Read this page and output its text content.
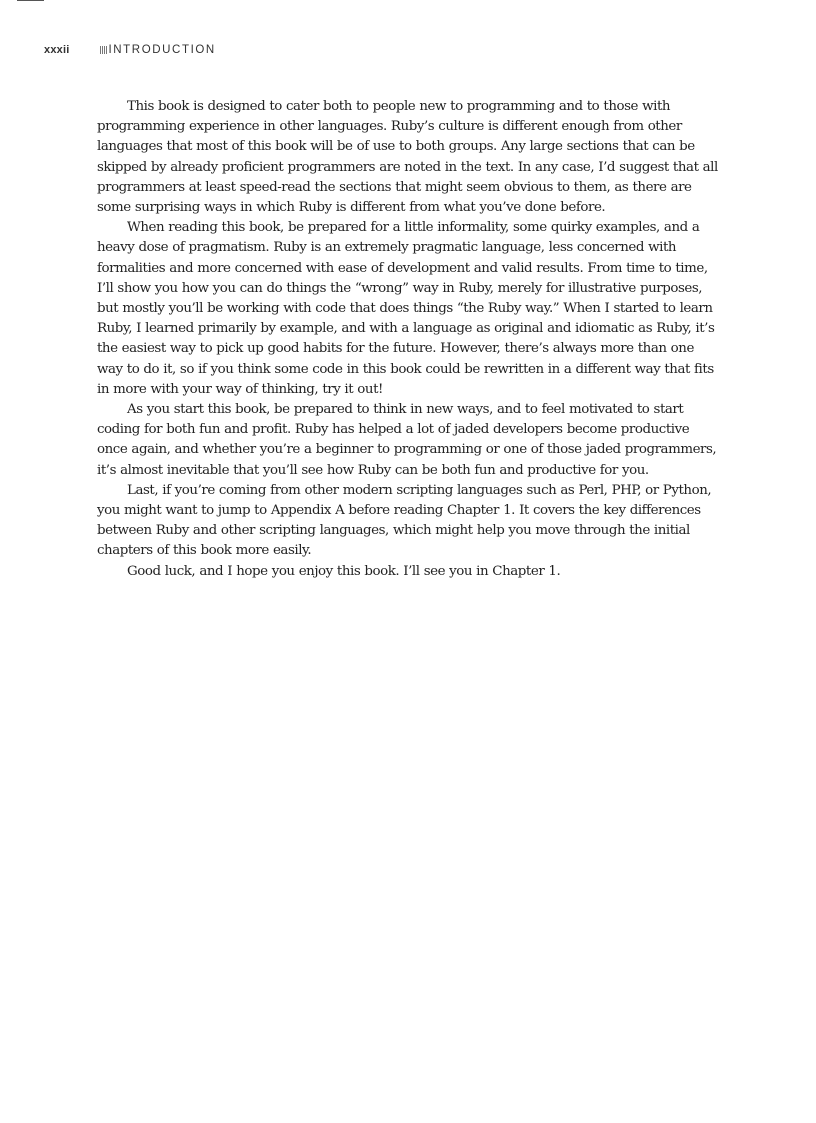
xxxii	INTRODUCTION

This book is designed to cater both to people new to programming and to those with programming experience in other languages. Ruby’s culture is different enough from other languages that most of this book will be of use to both groups. Any large sections that can be skipped by already proficient programmers are noted in the text. In any case, I’d suggest that all programmers at least speed-read the sections that might seem obvious to them, as there are some surprising ways in which Ruby is different from what you’ve done before.

When reading this book, be prepared for a little informality, some quirky examples, and a heavy dose of pragmatism. Ruby is an extremely pragmatic language, less concerned with formalities and more concerned with ease of development and valid results. From time to time, I’ll show you how you can do things the “wrong” way in Ruby, merely for illustrative purposes, but mostly you’ll be working with code that does things “the Ruby way.” When I started to learn Ruby, I learned primarily by example, and with a language as original and idiomatic as Ruby, it’s the easiest way to pick up good habits for the future. However, there’s always more than one way to do it, so if you think some code in this book could be rewritten in a different way that fits in more with your way of thinking, try it out!

As you start this book, be prepared to think in new ways, and to feel motivated to start coding for both fun and profit. Ruby has helped a lot of jaded developers become productive once again, and whether you’re a beginner to programming or one of those jaded programmers, it’s almost inevitable that you’ll see how Ruby can be both fun and productive for you.

Last, if you’re coming from other modern scripting languages such as Perl, PHP, or Python, you might want to jump to Appendix A before reading Chapter 1. It covers the key differences between Ruby and other scripting languages, which might help you move through the initial chapters of this book more easily.

Good luck, and I hope you enjoy this book. I’ll see you in Chapter 1.
